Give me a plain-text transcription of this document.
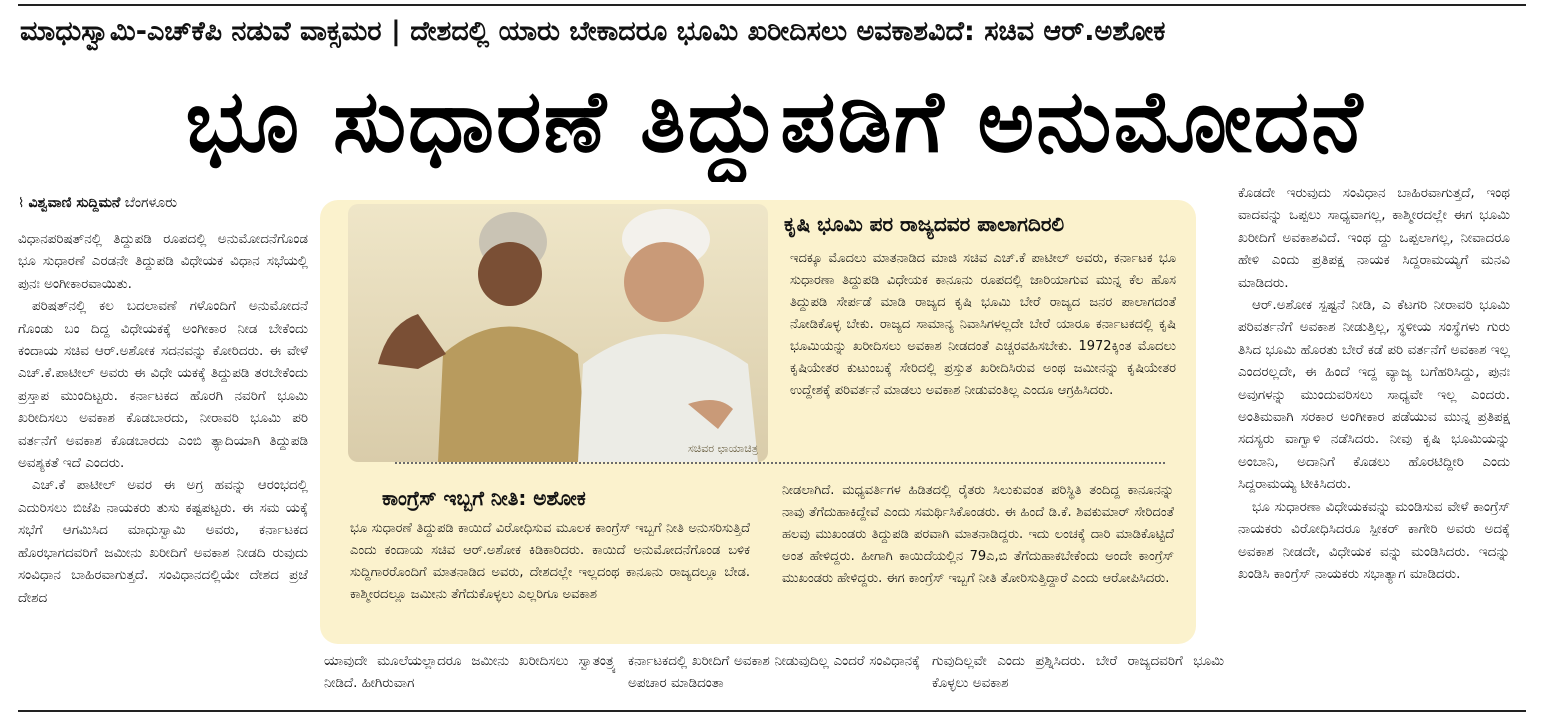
ಮಾಧುಸ್ವಾಮಿ-ಎಚ್‌ಕೆಪಿ ನಡುವೆ ವಾಕ್ಸಮರ | ದೇಶದಲ್ಲಿ ಯಾರು ಬೇಕಾದರೂ ಭೂಮಿ ಖರೀದಿಸಲು ಅವಕಾಶವಿದೆ: ಸಚಿವ ಆರ್.ಅಶೋಕ
ಭೂ ಸುಧಾರಣೆ ತಿದ್ದುಪಡಿಗೆ ಅನುಮೋದನೆ
⌇ ವಿಶ್ವವಾಣಿ ಸುದ್ದಿಮನೆ ಬೆಂಗಳೂರು

ವಿಧಾನಪರಿಷತ್‌ನಲ್ಲಿ ತಿದ್ದುಪಡಿ ರೂಪದಲ್ಲಿ ಅನುಮೋದನೆಗೊಂಡ ಭೂ ಸುಧಾರಣೆ ಎರಡನೇ ತಿದ್ದುಪಡಿ ವಿಧೇಯಕ ವಿಧಾನ ಸಭೆಯಲ್ಲಿ ಪುನಃ ಅಂಗೀಕಾರವಾಯಿತು.

ಪರಿಷತ್‌ನಲ್ಲಿ ಕಲ ಬದಲಾವಣೆ ಗಳೊಂದಿಗೆ ಅನುಮೋದನೆ ಗೊಂಡು ಬಂ ದಿದ್ದ ವಿಧೇಯಕಕ್ಕೆ ಅಂಗೀಕಾರ ನೀಡ ಬೇಕೆಂದು ಕಂದಾಯ ಸಚಿವ ಆರ್.ಅಶೋಕ ಸದನವನ್ನು ಕೋರಿದರು. ಈ ವೇಳೆ ಎಚ್.ಕೆ.ಪಾಟೀಲ್ ಅವರು ಈ ವಿಧೇ ಯಕಕ್ಕೆ ತಿದ್ದುಪಡಿ ತರಬೇಕೆಂದು ಪ್ರಸ್ತಾಪ ಮುಂದಿಟ್ಟರು. ಕರ್ನಾಟಕದ ಹೊರಗಿ ನವರಿಗೆ ಭೂಮಿ ಖರೀದಿಸಲು ಅವಕಾಶ ಕೊಡಬಾರದು, ನೀರಾವರಿ ಭೂಮಿ ಪರಿ ವರ್ತನೆಗೆ ಅವಕಾಶ ಕೊಡಬಾರದು ಎಂಬಿ ತ್ಯಾದಿಯಾಗಿ ತಿದ್ದುಪಡಿ ಅವಶ್ಯಕತೆ ಇದೆ ಎಂದರು.

ಎಚ್.ಕೆ ಪಾಟೀಲ್ ಅವರ ಈ ಅಗ್ರ ಹವನ್ನು ಆರಂಭದಲ್ಲಿ ಎದುರಿಸಲು ಬಿಜೆಪಿ ನಾಯಕರು ತುಸು ಕಷ್ಟಪಟ್ಟರು. ಈ ಸಮ ಯಕ್ಕೆ ಸಭೆಗೆ ಆಗಮಿಸಿದ ಮಾಧುಸ್ವಾಮಿ ಅವರು, ಕರ್ನಾಟಕದ ಹೊರಭಾಗದವರಿಗೆ ಜಮೀನು ಖರೀದಿಗೆ ಅವಕಾಶ ನೀಡದಿ ರುವುದು ಸಂವಿಧಾನ ಬಾಹಿರವಾಗುತ್ತದೆ. ಸಂವಿಧಾನದಲ್ಲಿಯೇ ದೇಶದ ಪ್ರಜೆ ದೇಶದ

ಸಚಿವರ ಛಾಯಾಚಿತ್ರ
ಕೃಷಿ ಭೂಮಿ ಪರ ರಾಜ್ಯದವರ ಪಾಲಾಗದಿರಲಿ
ಇದಕ್ಕೂ ಮೊದಲು ಮಾತನಾಡಿದ ಮಾಜಿ ಸಚಿವ ಎಚ್.ಕೆ ಪಾಟೀಲ್ ಅವರು, ಕರ್ನಾಟಕ ಭೂ ಸುಧಾರಣಾ ತಿದ್ದುಪಡಿ ವಿಧೇಯಕ ಕಾನೂನು ರೂಪದಲ್ಲಿ ಜಾರಿಯಾಗುವ ಮುನ್ನ ಕೆಲ ಹೊಸ ತಿದ್ದುಪಡಿ ಸೇರ್ಪಡೆ ಮಾಡಿ ರಾಜ್ಯದ ಕೃಷಿ ಭೂಮಿ ಬೇರೆ ರಾಜ್ಯದ ಜನರ ಪಾಲಾಗದಂತೆ ನೋಡಿಕೊಳ್ಳ ಬೇಕು. ರಾಜ್ಯದ ಸಾಮಾನ್ಯ ನಿವಾಸಿಗಳಲ್ಲದೇ ಬೇರೆ ಯಾರೂ ಕರ್ನಾಟಕದಲ್ಲಿ ಕೃಷಿ ಭೂಮಿಯನ್ನು ಖರೀದಿಸಲು ಅವಕಾಶ ನೀಡದಂತೆ ಎಚ್ಚರವಹಿಸಬೇಕು. 1972ಕ್ಕಿಂತ ಮೊದಲು ಕೃಷಿಯೇತರ ಕುಟುಂಬಕ್ಕೆ ಸೇರಿದಲ್ಲಿ ಪ್ರಸ್ತುತ ಖರೀದಿಸಿರುವ ಅಂಥ ಜಮೀನನ್ನು ಕೃಷಿಯೇತರ ಉದ್ದೇಶಕ್ಕೆ ಪರಿವರ್ತನೆ ಮಾಡಲು ಅವಕಾಶ ನೀಡುವಂತಿಲ್ಲ ಎಂದೂ ಆಗ್ರಹಿಸಿದರು.
ಕಾಂಗ್ರೆಸ್ ಇಬ್ಬಗೆ ನೀತಿ: ಅಶೋಕ
ಭೂ ಸುಧಾರಣೆ ತಿದ್ದುಪಡಿ ಕಾಯಿದೆ ವಿರೋಧಿಸುವ ಮೂಲಕ ಕಾಂಗ್ರೆಸ್ ಇಬ್ಬಗೆ ನೀತಿ ಅನುಸರಿಸುತ್ತಿದೆ ಎಂದು ಕಂದಾಯ ಸಚಿವ ಆರ್.ಅಶೋಕ ಕಿಡಿಕಾರಿದರು. ಕಾಯಿದೆ ಅನುಮೋದನೆಗೊಂಡ ಬಳಿಕ ಸುದ್ದಿಗಾರರೊಂದಿಗೆ ಮಾತನಾಡಿದ ಅವರು, ದೇಶದಲ್ಲೇ ಇಲ್ಲದಂಥ ಕಾನೂನು ರಾಜ್ಯದಲ್ಲೂ ಬೇಡ. ಕಾಶ್ಮೀರದಲ್ಲೂ ಜಮೀನು ತೆಗೆದುಕೊಳ್ಳಲು ಎಲ್ಲರಿಗೂ ಅವಕಾಶ
ನೀಡಲಾಗಿದೆ. ಮಧ್ಯವರ್ತಿಗಳ ಹಿಡಿತದಲ್ಲಿ ರೈತರು ಸಿಲುಕುವಂತ ಪರಿಸ್ಥಿತಿ ತಂದಿದ್ದ ಕಾನೂನನ್ನು ನಾವು ತೆಗೆದುಹಾಕಿದ್ದೇವೆ ಎಂದು ಸಮರ್ಥಿಸಿಕೊಂಡರು. ಈ ಹಿಂದೆ ಡಿ.ಕೆ. ಶಿವಕುಮಾರ್ ಸೇರಿದಂತೆ ಹಲವು ಮುಖಂಡರು ತಿದ್ದುಪಡಿ ಪರವಾಗಿ ಮಾತನಾಡಿದ್ದರು. ಇದು ಲಂಚಕ್ಕೆ ದಾರಿ ಮಾಡಿಕೊಟ್ಟಿದೆ ಅಂತ ಹೇಳಿದ್ದರು. ಹೀಗಾಗಿ ಕಾಯಿದೆಯಲ್ಲಿನ 79ಎ,ಬಿ ತೆಗೆದುಹಾಕಬೇಕೆಂದು ಅಂದೇ ಕಾಂಗ್ರೆಸ್ ಮುಖಂಡರು ಹೇಳಿದ್ದರು. ಈಗ ಕಾಂಗ್ರೆಸ್ ಇಬ್ಬಗೆ ನೀತಿ ತೋರಿಸುತ್ತಿದ್ದಾರೆ ಎಂದು ಆರೋಪಿಸಿದರು.
ಯಾವುದೇ ಮೂಲೆಯಲ್ಲಾದರೂ ಜಮೀನು ಖರೀದಿಸಲು ಸ್ವಾತಂತ್ರ್ಯ ನೀಡಿದೆ. ಹೀಗಿರುವಾಗ
ಕರ್ನಾಟಕದಲ್ಲಿ ಖರೀದಿಗೆ ಅವಕಾಶ ನೀಡುವುದಿಲ್ಲ ಎಂದರೆ ಸಂವಿಧಾನಕ್ಕೆ ಅಪಚಾರ ಮಾಡಿದಂತಾ
ಗುವುದಿಲ್ಲವೇ ಎಂದು ಪ್ರಶ್ನಿಸಿದರು. ಬೇರೆ ರಾಜ್ಯದವರಿಗೆ ಭೂಮಿ ಕೊಳ್ಳಲು ಅವಕಾಶ

ಕೊಡದೇ ಇರುವುದು ಸಂವಿಧಾನ ಬಾಹಿರವಾಗುತ್ತದೆ, ಇಂಥ ವಾದವನ್ನು ಒಪ್ಪಲು ಸಾಧ್ಯವಾಗಲ್ಲ, ಕಾಶ್ಮೀರದಲ್ಲೇ ಈಗ ಭೂಮಿ ಖರೀದಿಗೆ ಅವಕಾಶವಿದೆ. ಇಂಥ ದ್ದು ಒಪ್ಪಲಾಗಲ್ಲ, ನೀವಾದರೂ ಹೇಳಿ ಎಂದು ಪ್ರತಿಪಕ್ಷ ನಾಯಕ ಸಿದ್ದರಾಮಯ್ಯಗೆ ಮನವಿ ಮಾಡಿದರು.

ಆರ್.ಅಶೋಕ ಸ್ಪಷ್ಟನೆ ನೀಡಿ, ಎ ಕೆಟಗರಿ ನೀರಾವರಿ ಭೂಮಿ ಪರಿವರ್ತನೆಗೆ ಅವಕಾಶ ನೀಡುತ್ತಿಲ್ಲ, ಸ್ಥಳೀಯ ಸಂಸ್ಥೆಗಳು ಗುರು ತಿಸಿದ ಭೂಮಿ ಹೊರತು ಬೇರೆ ಕಡೆ ಪರಿ ವರ್ತನೆಗೆ ಅವಕಾಶ ಇಲ್ಲ ಎಂದರಲ್ಲದೇ, ಈ ಹಿಂದೆ ಇದ್ದ ವ್ಯಾಜ್ಯ ಬಗೆಹರಿಸಿದ್ದು, ಪುನಃ ಅವುಗಳನ್ನು ಮುಂದುವರಿಸಲು ಸಾಧ್ಯವೇ ಇಲ್ಲ ಎಂದರು. ಅಂತಿಮವಾಗಿ ಸರಕಾರ ಅಂಗೀಕಾರ ಪಡೆಯುವ ಮುನ್ನ ಪ್ರತಿಪಕ್ಷ ಸದಸ್ಯರು ವಾಗ್ವಾಳಿ ನಡೆಸಿದರು. ನೀವು ಕೃಷಿ ಭೂಮಿಯನ್ನು ಅಂಬಾನಿ, ಅದಾನಿಗೆ ಕೊಡಲು ಹೊರಟಿದ್ದೀರಿ ಎಂದು ಸಿದ್ದರಾಮಯ್ಯ ಟೀಕಿಸಿದರು.

ಭೂ ಸುಧಾರಣಾ ವಿಧೇಯಕವನ್ನು ಮಂಡಿಸುವ ವೇಳೆ ಕಾಂಗ್ರೆಸ್ ನಾಯಕರು ವಿರೋಧಿಸಿದರೂ ಸ್ಪೀಕರ್ ಕಾಗೇರಿ ಅವರು ಅದಕ್ಕೆ ಅವಕಾಶ ನೀಡದೇ, ವಿಧೇಯಕ ವನ್ನು ಮಂಡಿಸಿದರು. ಇದನ್ನು ಖಂಡಿಸಿ ಕಾಂಗ್ರೆಸ್ ನಾಯಕರು ಸಭಾತ್ಯಾಗ ಮಾಡಿದರು.
